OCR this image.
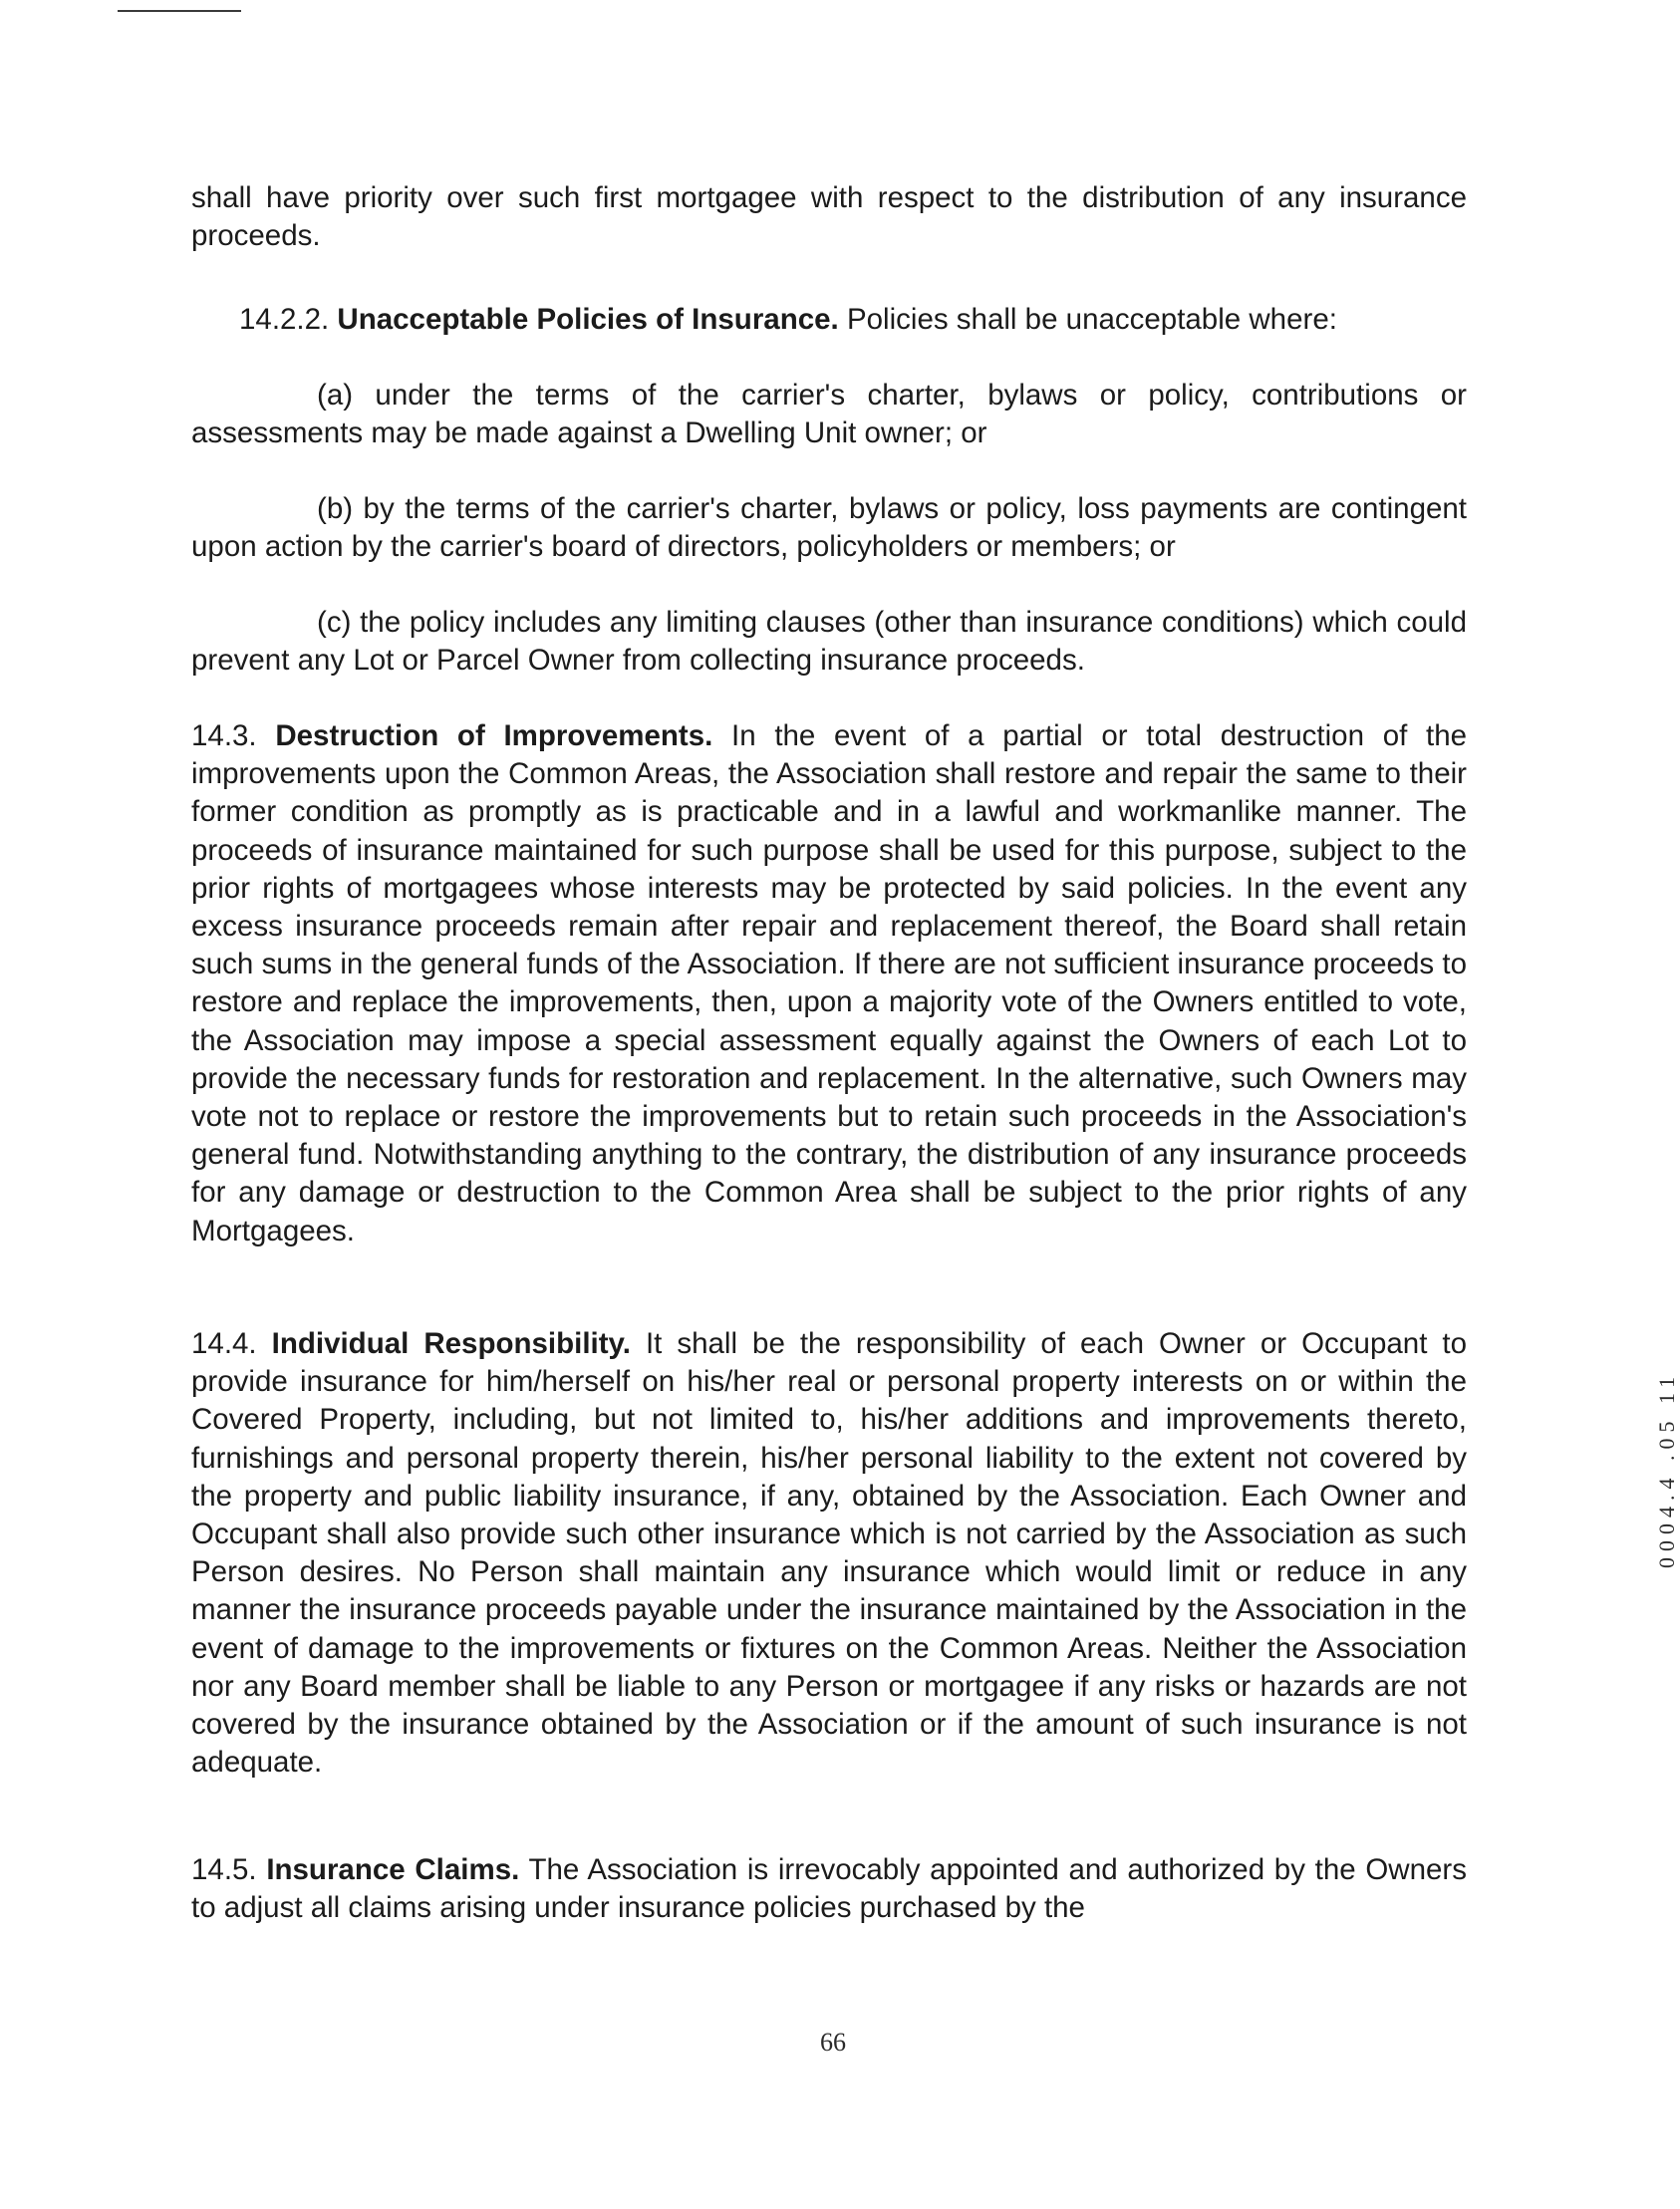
shall have priority over such first mortgagee with respect to the distribution of any insurance proceeds.

14.2.2. Unacceptable Policies of Insurance. Policies shall be unacceptable where:

(a) under the terms of the carrier's charter, bylaws or policy, contributions or assessments may be made against a Dwelling Unit owner; or

(b) by the terms of the carrier's charter, bylaws or policy, loss payments are contingent upon action by the carrier's board of directors, policyholders or members; or

(c) the policy includes any limiting clauses (other than insurance conditions) which could prevent any Lot or Parcel Owner from collecting insurance proceeds.

14.3. Destruction of Improvements. In the event of a partial or total destruction of the improvements upon the Common Areas, the Association shall restore and repair the same to their former condition as promptly as is practicable and in a lawful and workmanlike manner. The proceeds of insurance maintained for such purpose shall be used for this purpose, subject to the prior rights of mortgagees whose interests may be protected by said policies. In the event any excess insurance proceeds remain after repair and replacement thereof, the Board shall retain such sums in the general funds of the Association. If there are not sufficient insurance proceeds to restore and replace the improvements, then, upon a majority vote of the Owners entitled to vote, the Association may impose a special assessment equally against the Owners of each Lot to provide the necessary funds for restoration and replacement. In the alternative, such Owners may vote not to replace or restore the improvements but to retain such proceeds in the Association's general fund. Notwithstanding anything to the contrary, the distribution of any insurance proceeds for any damage or destruction to the Common Area shall be subject to the prior rights of any Mortgagees.

14.4. Individual Responsibility. It shall be the responsibility of each Owner or Occupant to provide insurance for him/herself on his/her real or personal property interests on or within the Covered Property, including, but not limited to, his/her additions and improvements thereto, furnishings and personal property therein, his/her personal liability to the extent not covered by the property and public liability insurance, if any, obtained by the Association. Each Owner and Occupant shall also provide such other insurance which is not carried by the Association as such Person desires. No Person shall maintain any insurance which would limit or reduce in any manner the insurance proceeds payable under the insurance maintained by the Association in the event of damage to the improvements or fixtures on the Common Areas. Neither the Association nor any Board member shall be liable to any Person or mortgagee if any risks or hazards are not covered by the insurance obtained by the Association or if the amount of such insurance is not adequate.

14.5. Insurance Claims. The Association is irrevocably appointed and authorized by the Owners to adjust all claims arising under insurance policies purchased by the

66
0004.4 .05 11
